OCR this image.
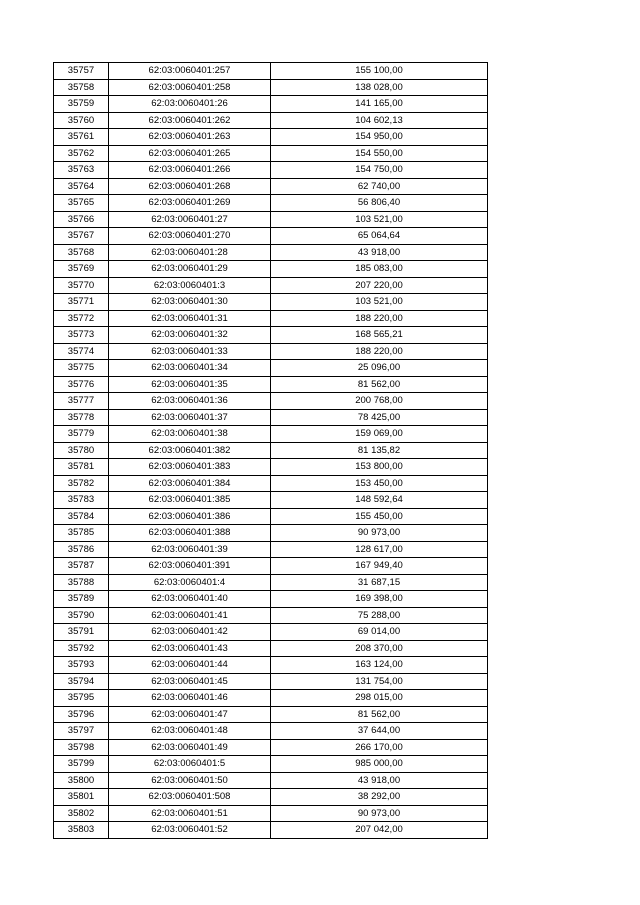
35757	62:03:0060401:257	155 100,00
35758	62:03:0060401:258	138 028,00
35759	62:03:0060401:26	141 165,00
35760	62:03:0060401:262	104 602,13
35761	62:03:0060401:263	154 950,00
35762	62:03:0060401:265	154 550,00
35763	62:03:0060401:266	154 750,00
35764	62:03:0060401:268	62 740,00
35765	62:03:0060401:269	56 806,40
35766	62:03:0060401:27	103 521,00
35767	62:03:0060401:270	65 064,64
35768	62:03:0060401:28	43 918,00
35769	62:03:0060401:29	185 083,00
35770	62:03:0060401:3	207 220,00
35771	62:03:0060401:30	103 521,00
35772	62:03:0060401:31	188 220,00
35773	62:03:0060401:32	168 565,21
35774	62:03:0060401:33	188 220,00
35775	62:03:0060401:34	25 096,00
35776	62:03:0060401:35	81 562,00
35777	62:03:0060401:36	200 768,00
35778	62:03:0060401:37	78 425,00
35779	62:03:0060401:38	159 069,00
35780	62:03:0060401:382	81 135,82
35781	62:03:0060401:383	153 800,00
35782	62:03:0060401:384	153 450,00
35783	62:03:0060401:385	148 592,64
35784	62:03:0060401:386	155 450,00
35785	62:03:0060401:388	90 973,00
35786	62:03:0060401:39	128 617,00
35787	62:03:0060401:391	167 949,40
35788	62:03:0060401:4	31 687,15
35789	62:03:0060401:40	169 398,00
35790	62:03:0060401:41	75 288,00
35791	62:03:0060401:42	69 014,00
35792	62:03:0060401:43	208 370,00
35793	62:03:0060401:44	163 124,00
35794	62:03:0060401:45	131 754,00
35795	62:03:0060401:46	298 015,00
35796	62:03:0060401:47	81 562,00
35797	62:03:0060401:48	37 644,00
35798	62:03:0060401:49	266 170,00
35799	62:03:0060401:5	985 000,00
35800	62:03:0060401:50	43 918,00
35801	62:03:0060401:508	38 292,00
35802	62:03:0060401:51	90 973,00
35803	62:03:0060401:52	207 042,00
